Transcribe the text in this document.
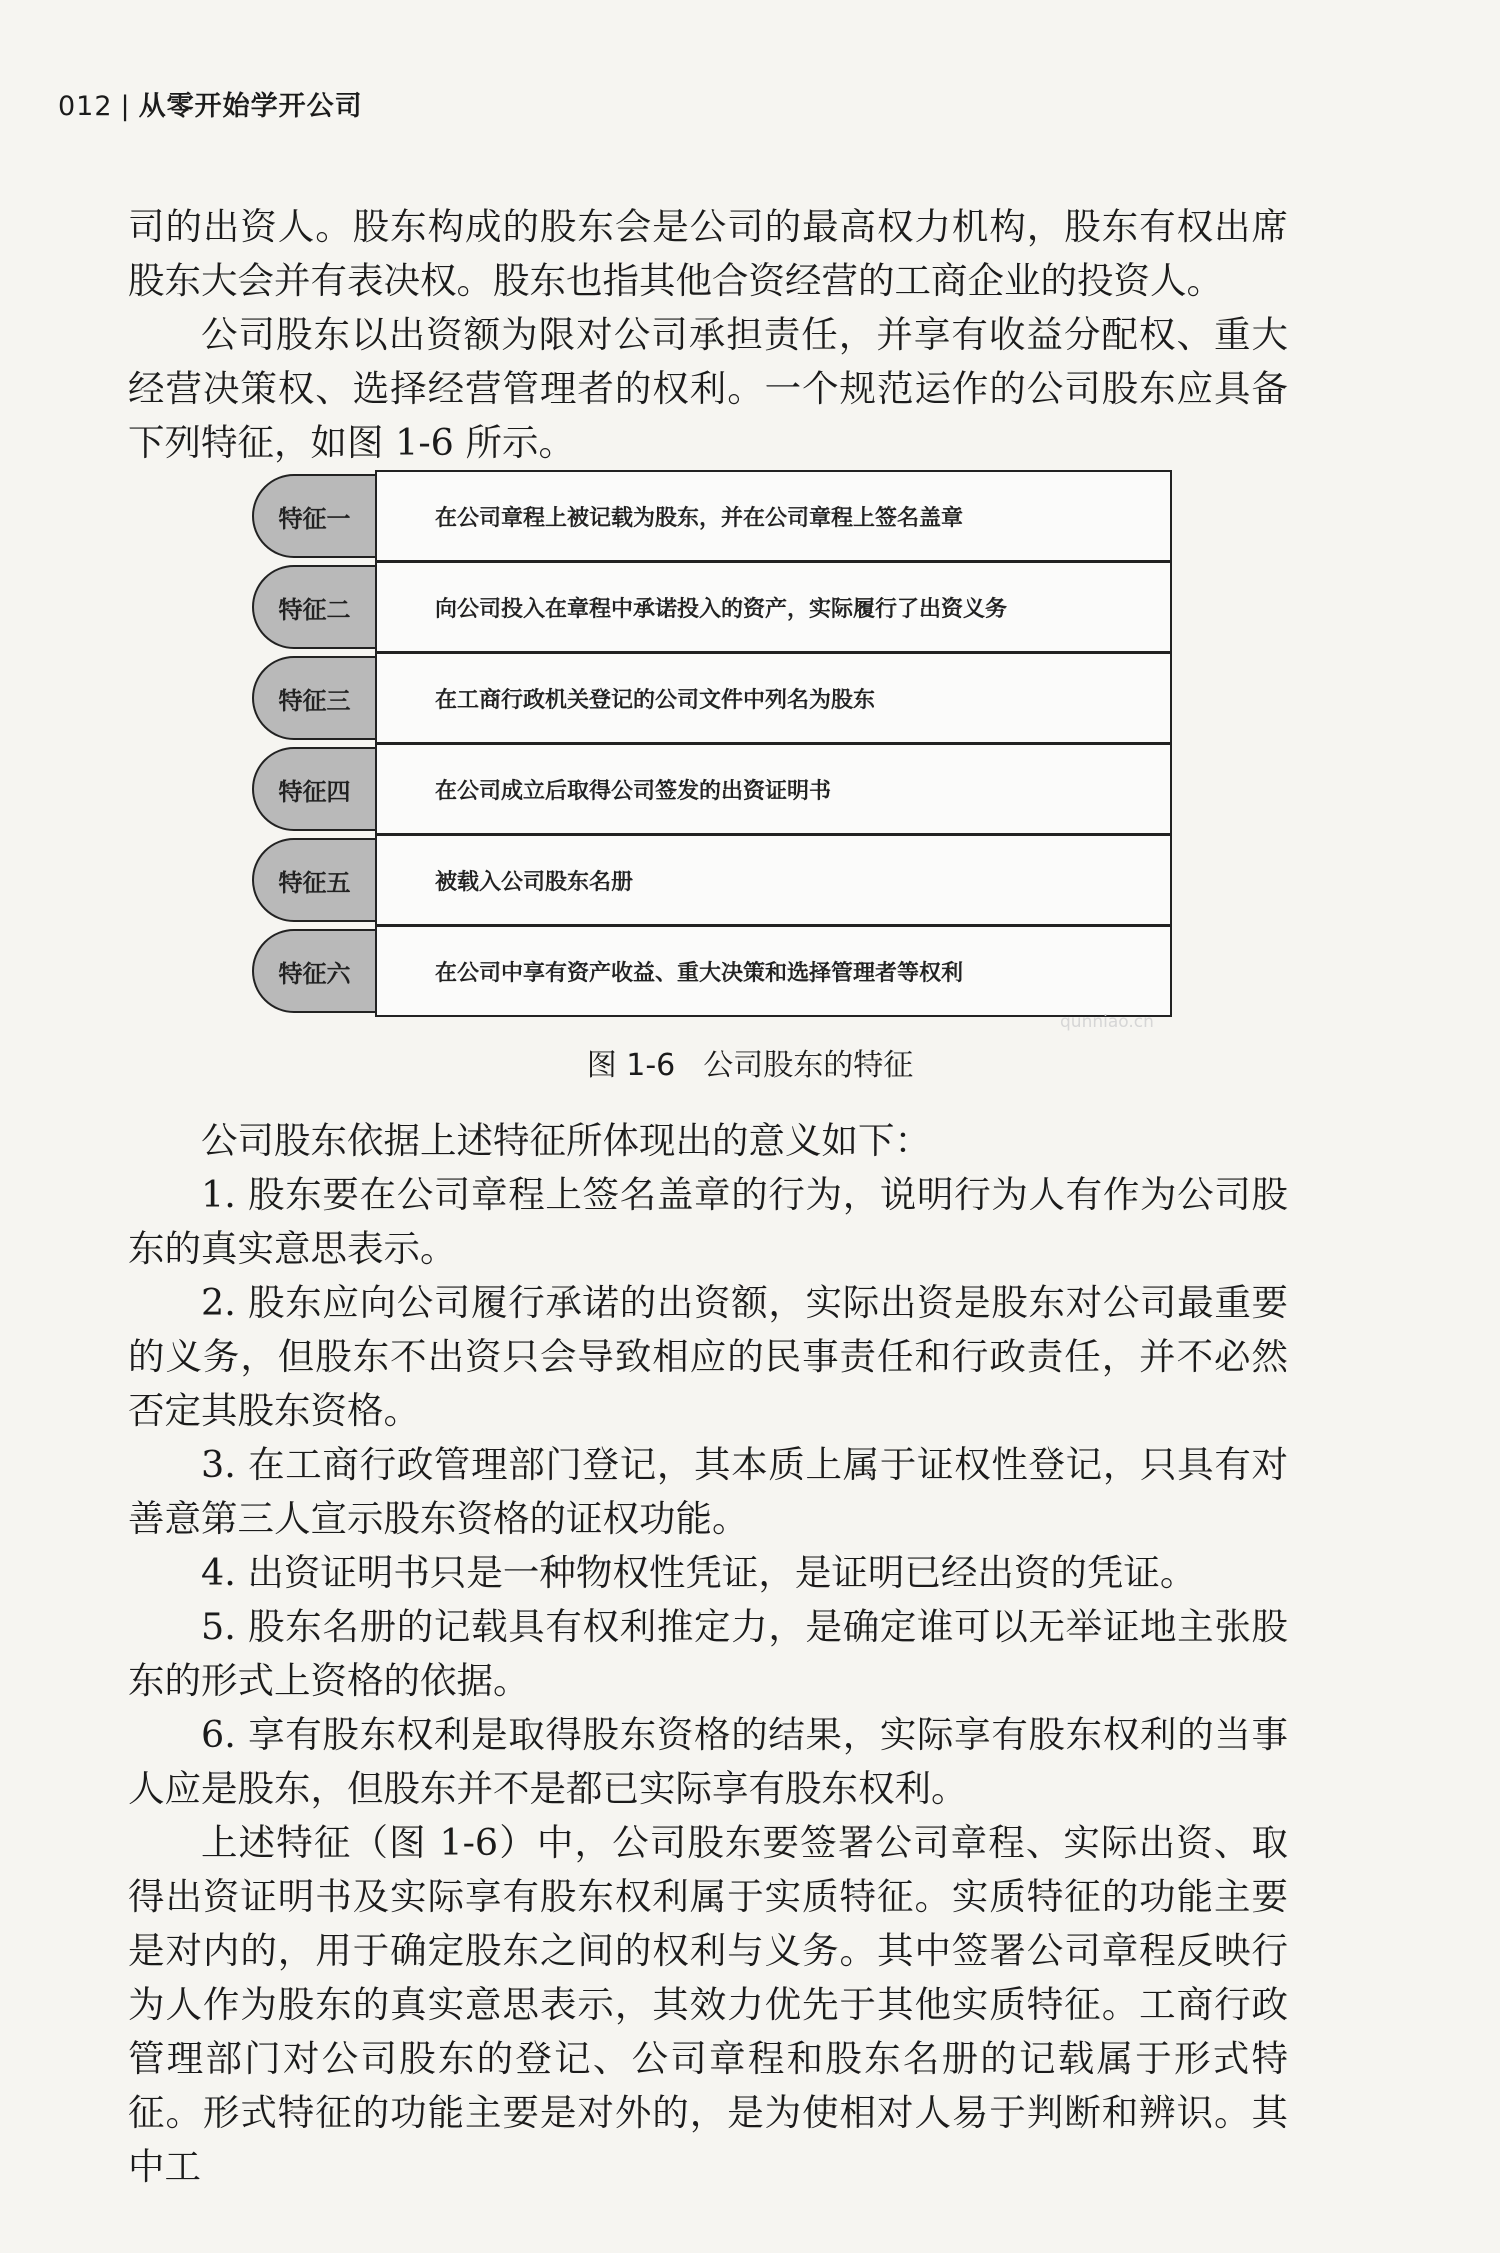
012 | 从零开始学开公司

司的出资人。股东构成的股东会是公司的最高权力机构，股东有权出席股东大会并有表决权。股东也指其他合资经营的工商企业的投资人。

公司股东以出资额为限对公司承担责任，并享有收益分配权、重大经营决策权、选择经营管理者的权利。一个规范运作的公司股东应具备下列特征，如图 1-6 所示。

在公司章程上被记载为股东，并在公司章程上签名盖章
特征一
向公司投入在章程中承诺投入的资产，实际履行了出资义务
特征二
在工商行政机关登记的公司文件中列名为股东
特征三
在公司成立后取得公司签发的出资证明书
特征四
被载入公司股东名册
特征五
在公司中享有资产收益、重大决策和选择管理者等权利
特征六
qunniao.cn
图 1-6 公司股东的特征

公司股东依据上述特征所体现出的意义如下：

1. 股东要在公司章程上签名盖章的行为，说明行为人有作为公司股东的真实意思表示。

2. 股东应向公司履行承诺的出资额，实际出资是股东对公司最重要的义务，但股东不出资只会导致相应的民事责任和行政责任，并不必然否定其股东资格。

3. 在工商行政管理部门登记，其本质上属于证权性登记，只具有对善意第三人宣示股东资格的证权功能。

4. 出资证明书只是一种物权性凭证，是证明已经出资的凭证。

5. 股东名册的记载具有权利推定力，是确定谁可以无举证地主张股东的形式上资格的依据。

6. 享有股东权利是取得股东资格的结果，实际享有股东权利的当事人应是股东，但股东并不是都已实际享有股东权利。

上述特征（图 1-6）中，公司股东要签署公司章程、实际出资、取得出资证明书及实际享有股东权利属于实质特征。实质特征的功能主要是对内的，用于确定股东之间的权利与义务。其中签署公司章程反映行为人作为股东的真实意思表示，其效力优先于其他实质特征。工商行政管理部门对公司股东的登记、公司章程和股东名册的记载属于形式特征。形式特征的功能主要是对外的，是为使相对人易于判断和辨识。其中工
